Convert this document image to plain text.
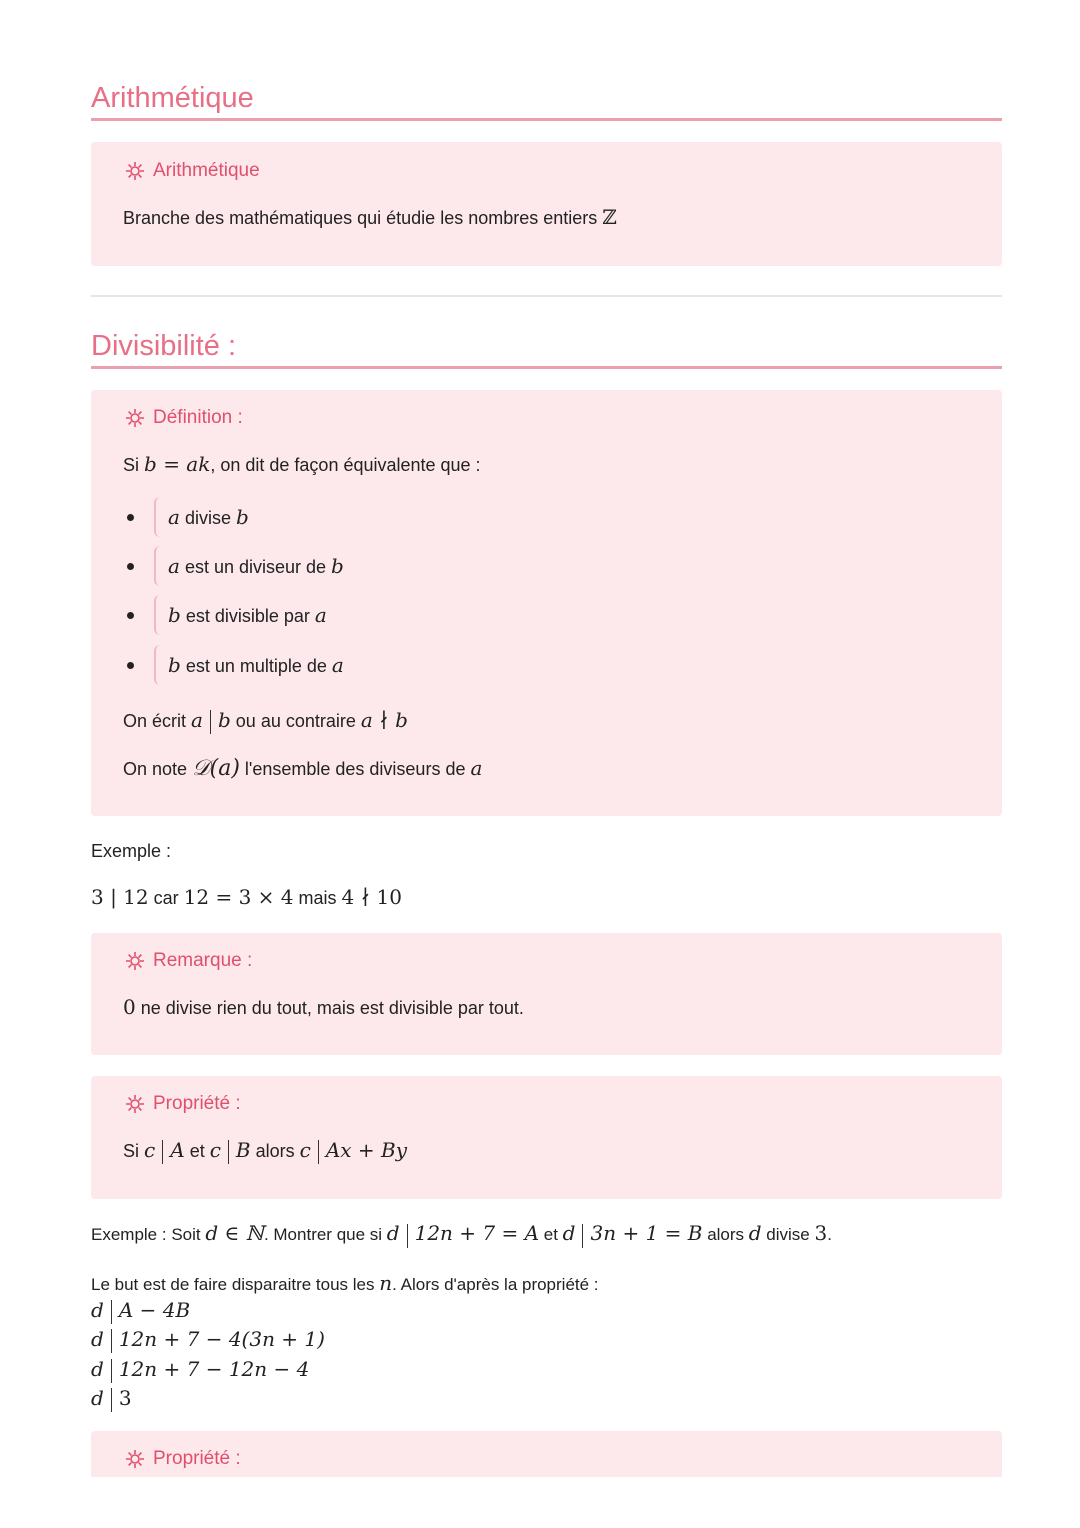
Arithmétique
Arithmétique
Branche des mathématiques qui étudie les nombres entiers ℤ
Divisibilité :
Définition :
Si b = ak, on dit de façon équivalente que :
a divise b
a est un diviseur de b
b est divisible par a
b est un multiple de a
On écrit a b ou au contraire a ∤ b
On note 𝒟(a) l'ensemble des diviseurs de a
Exemple :
3 | 12 car 12 = 3 × 4 mais 4 ∤ 10
Remarque :
0 ne divise rien du tout, mais est divisible par tout.
Propriété :
Si c A et c B alors c Ax + By
Exemple : Soit d ∈ ℕ. Montrer que si d 12n + 7 = A et d 3n + 1 = B alors d divise 3.
Le but est de faire disparaitre tous les n. Alors d'après la propriété :
d A − 4B
d 12n + 7 − 4(3n + 1)
d 12n + 7 − 12n − 4
d 3
Propriété :
